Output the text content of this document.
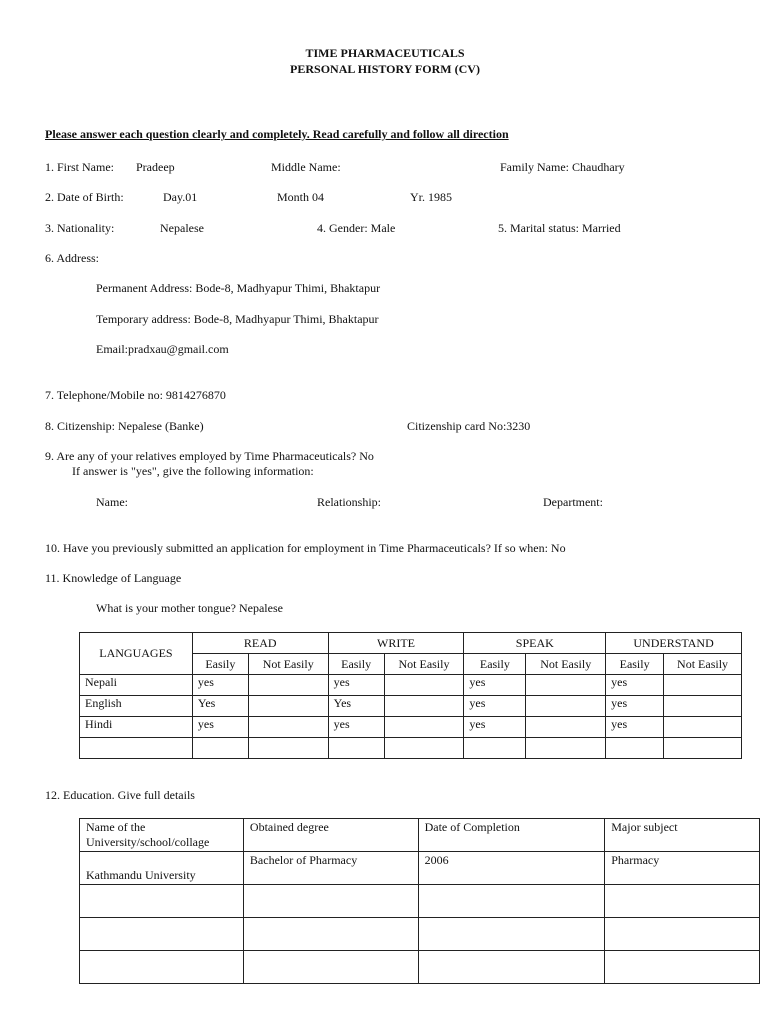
TIME PHARMACEUTICALS
PERSONAL HISTORY FORM (CV)
Please answer each question clearly and completely. Read carefully and follow all direction
1. First Name: Pradeep	Middle Name:	Family Name: Chaudhary
2. Date of Birth:	Day.01	Month 04	Yr. 1985
3. Nationality:	Nepalese	4. Gender: Male	5. Marital status: Married
6. Address:
Permanent Address: Bode-8, Madhyapur Thimi, Bhaktapur
Temporary address: Bode-8, Madhyapur Thimi, Bhaktapur
Email:pradxau@gmail.com
7. Telephone/Mobile no: 9814276870
8. Citizenship: Nepalese (Banke)	Citizenship card No:3230
9. Are any of your relatives employed by Time Pharmaceuticals? No
If answer is "yes", give the following information:
Name:	Relationship:	Department:
10. Have you previously submitted an application for employment in Time Pharmaceuticals? If so when: No
11. Knowledge of Language
What is your mother tongue? Nepalese
LANGUAGES	READ		WRITE		SPEAK		UNDERSTAND	
	Easily	Not Easily	Easily	Not Easily	Easily	Not Easily	Easily	Not Easily
Nepali	yes		yes		yes		yes	
English	Yes		Yes		yes		yes	
Hindi	yes		yes		yes		yes	

12. Education. Give full details
Name of the University/school/collage	Obtained degree	Date of Completion	Major subject
Kathmandu University	Bachelor of Pharmacy	2006	Pharmacy
